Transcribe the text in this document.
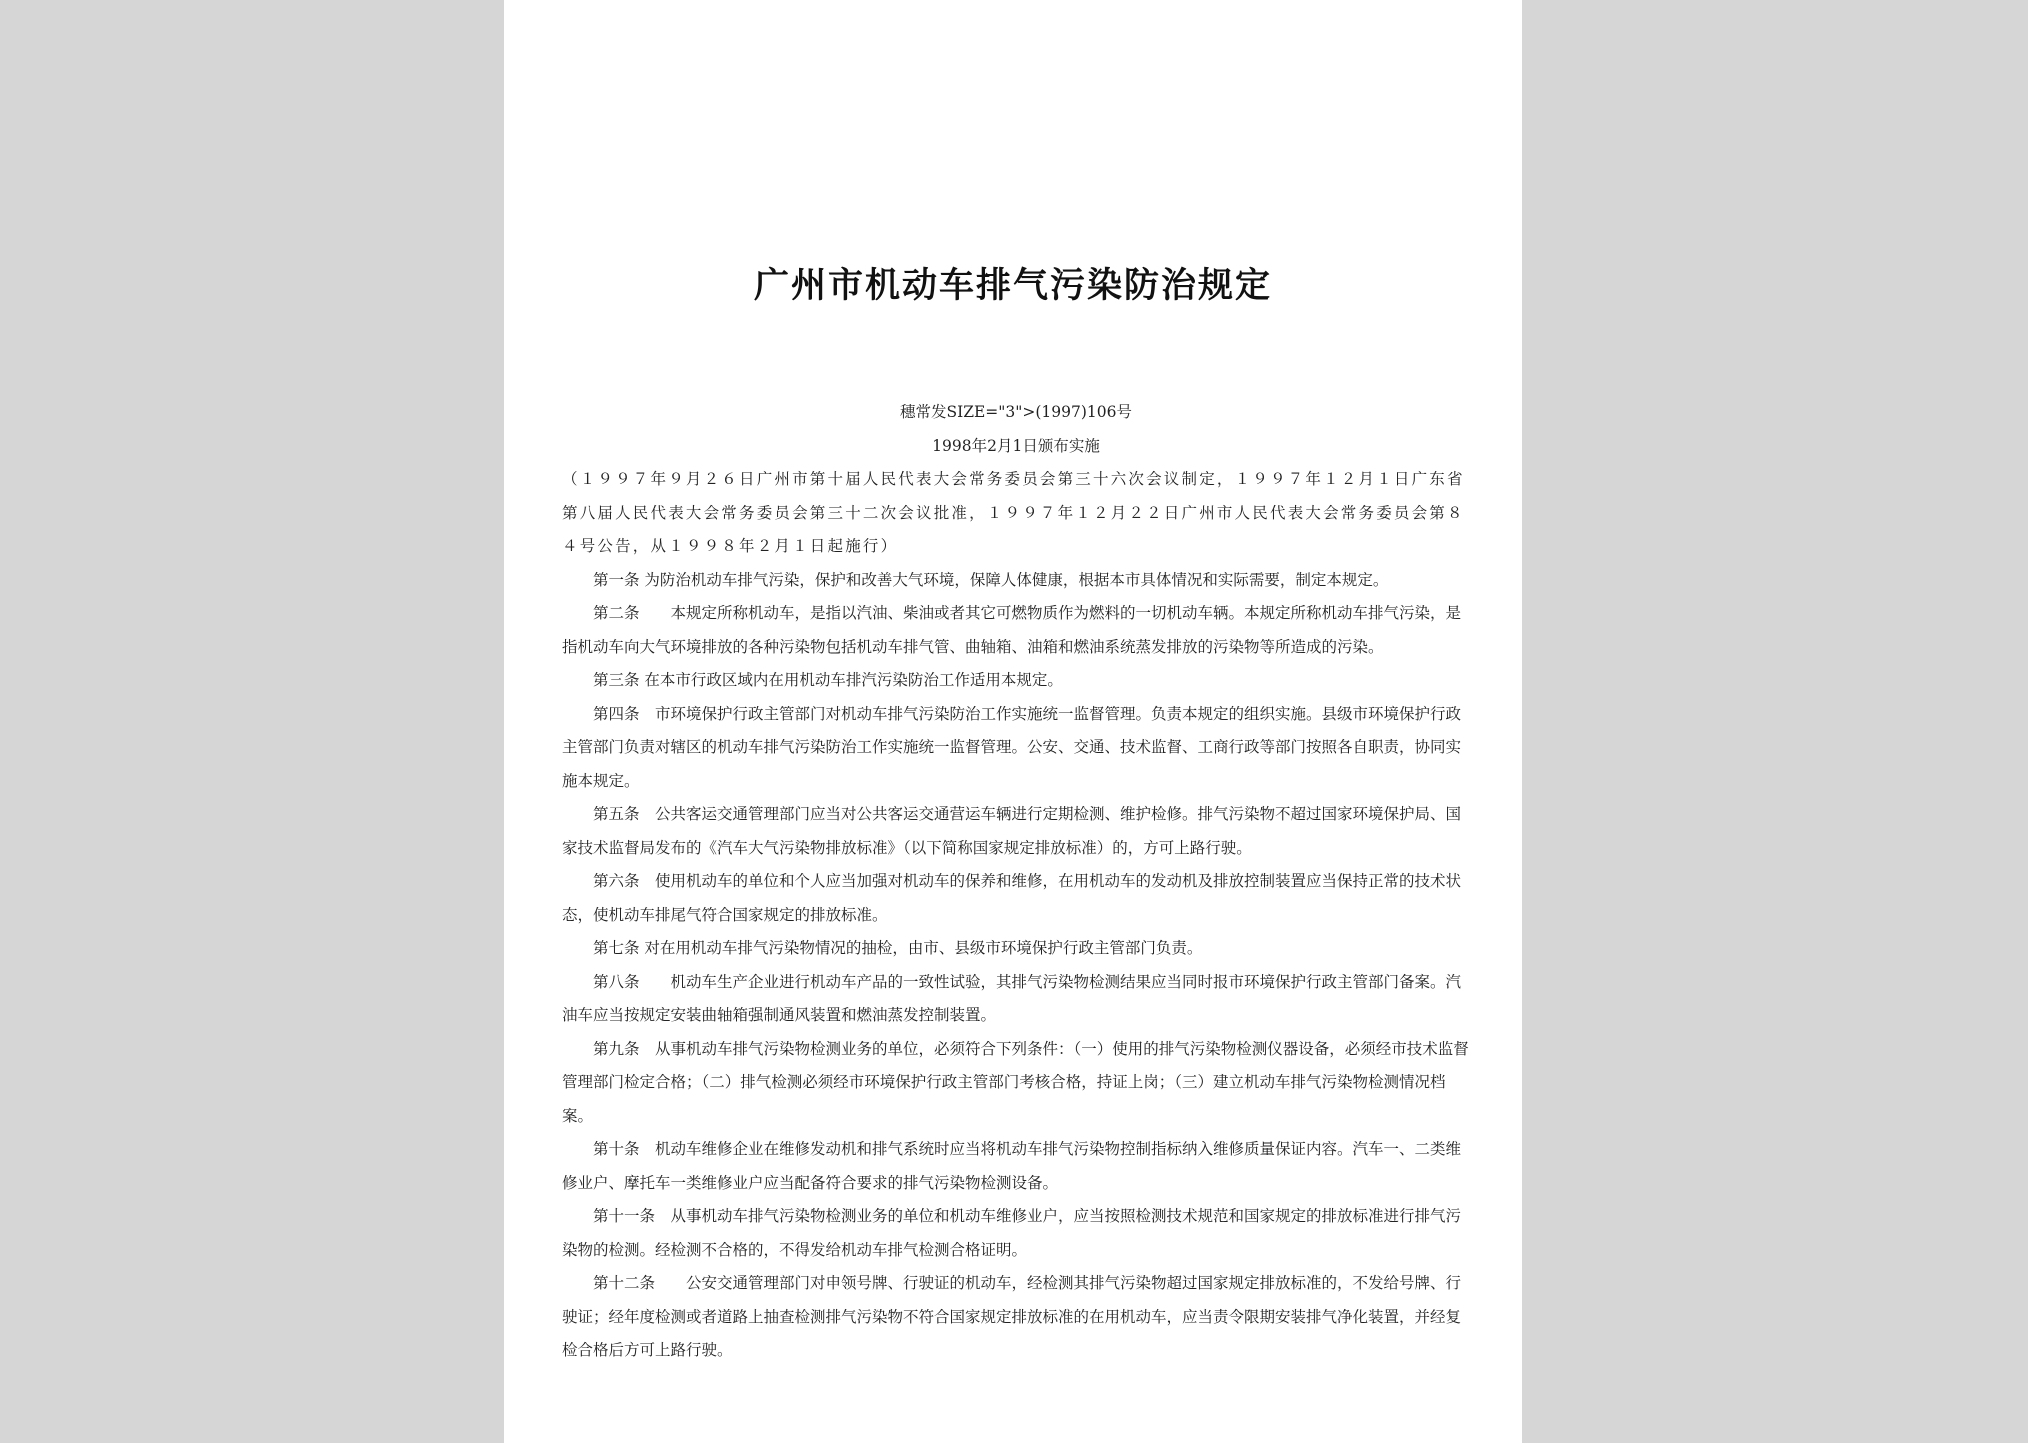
广州市机动车排气污染防治规定

穗常发SIZE="3">(1997)106号

1998年2月1日颁布实施

（１９９７年９月２６日广州市第十届人民代表大会常务委员会第三十六次会议制定，１９９７年１２月１日广东省第八届人民代表大会常务委员会第三十二次会议批准，１９９７年１２月２２日广州市人民代表大会常务委员会第８４号公告，从１９９８年２月１日起施行）

第一条 为防治机动车排气污染，保护和改善大气环境，保障人体健康，根据本市具体情况和实际需要，制定本规定。

第二条　　本规定所称机动车，是指以汽油、柴油或者其它可燃物质作为燃料的一切机动车辆。本规定所称机动车排气污染，是指机动车向大气环境排放的各种污染物包括机动车排气管、曲轴箱、油箱和燃油系统蒸发排放的污染物等所造成的污染。

第三条 在本市行政区域内在用机动车排汽污染防治工作适用本规定。

第四条　市环境保护行政主管部门对机动车排气污染防治工作实施统一监督管理。负责本规定的组织实施。县级市环境保护行政主管部门负责对辖区的机动车排气污染防治工作实施统一监督管理。公安、交通、技术监督、工商行政等部门按照各自职责，协同实施本规定。

第五条　公共客运交通管理部门应当对公共客运交通营运车辆进行定期检测、维护检修。排气污染物不超过国家环境保护局、国家技术监督局发布的《汽车大气污染物排放标准》（以下简称国家规定排放标准）的，方可上路行驶。

第六条　使用机动车的单位和个人应当加强对机动车的保养和维修，在用机动车的发动机及排放控制装置应当保持正常的技术状态，使机动车排尾气符合国家规定的排放标准。

第七条 对在用机动车排气污染物情况的抽检，由市、县级市环境保护行政主管部门负责。

第八条　　机动车生产企业进行机动车产品的一致性试验，其排气污染物检测结果应当同时报市环境保护行政主管部门备案。汽油车应当按规定安装曲轴箱强制通风装置和燃油蒸发控制装置。

第九条　从事机动车排气污染物检测业务的单位，必须符合下列条件：（一）使用的排气污染物检测仪器设备，必须经市技术监督管理部门检定合格；（二）排气检测必须经市环境保护行政主管部门考核合格，持证上岗；（三）建立机动车排气污染物检测情况档案。

第十条　机动车维修企业在维修发动机和排气系统时应当将机动车排气污染物控制指标纳入维修质量保证内容。汽车一、二类维修业户、摩托车一类维修业户应当配备符合要求的排气污染物检测设备。

第十一条　从事机动车排气污染物检测业务的单位和机动车维修业户，应当按照检测技术规范和国家规定的排放标准进行排气污染物的检测。经检测不合格的，不得发给机动车排气检测合格证明。

第十二条　　公安交通管理部门对申领号牌、行驶证的机动车，经检测其排气污染物超过国家规定排放标准的，不发给号牌、行驶证；经年度检测或者道路上抽查检测排气污染物不符合国家规定排放标准的在用机动车，应当责令限期安装排气净化装置，并经复检合格后方可上路行驶。
